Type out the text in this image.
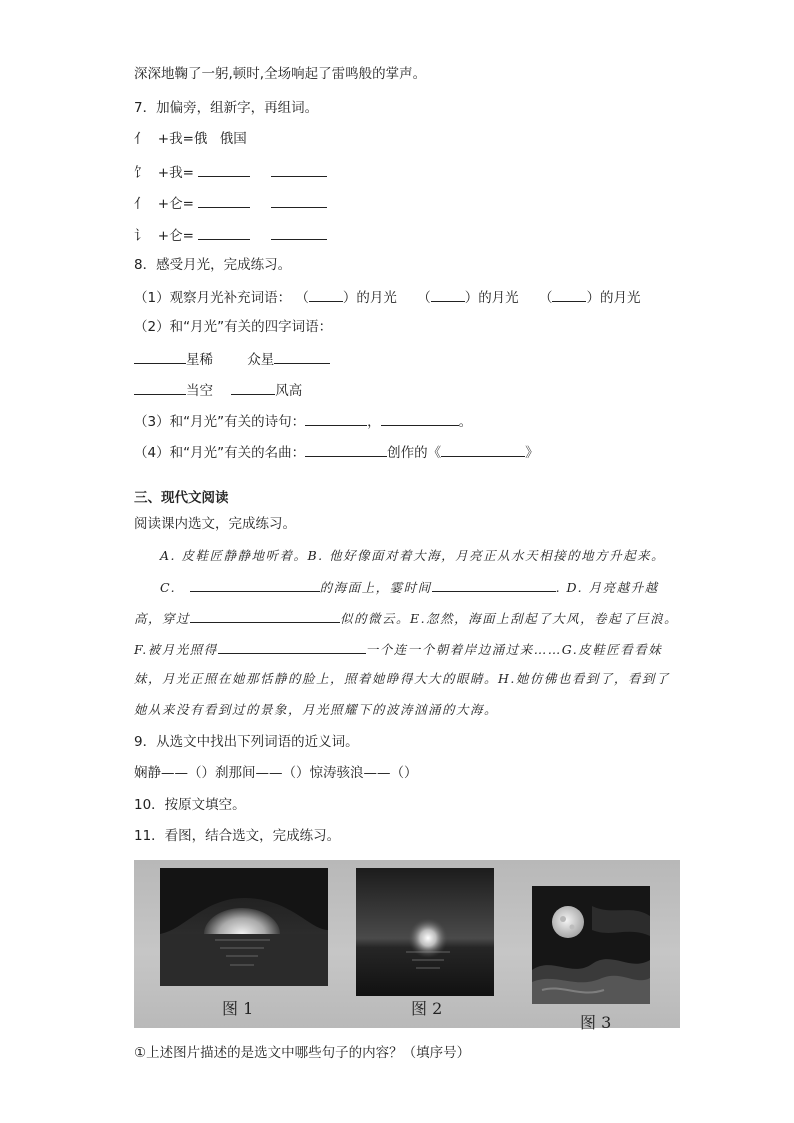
深深地鞠了一躬,顿时,全场响起了雷鸣般的掌声。
7．加偏旁，组新字，再组词。
亻 +我=俄 俄国
饣 +我=
亻 +仑=
讠 +仑=
8．感受月光，完成练习。
（1）观察月光补充词语： （	）的月光 （	）的月光 （	）的月光
（2）和“月光”有关的四字词语：
星稀	众星
当空	风高
（3）和“月光”有关的诗句：	，	。
（4）和“月光”有关的名曲：	创作的《	》
三、现代文阅读
阅读课内选文，完成练习。
A. 皮鞋匠静静地听着。B. 他好像面对着大海，月亮正从水天相接的地方升起来。
C.	的海面上，霎时间	. D. 月亮越升越
高，穿过	似的微云。E.忽然，海面上刮起了大风，卷起了巨浪。
F.被月光照得	一个连一个朝着岸边涌过来……G.皮鞋匠看看妹
妹，月光正照在她那恬静的脸上，照着她睁得大大的眼睛。H.她仿佛也看到了，看到了
她从来没有看到过的景象，月光照耀下的波涛汹涌的大海。
9．从选文中找出下列词语的近义词。
娴静——（）刹那间——（）惊涛骇浪——（）
10．按原文填空。
11．看图，结合选文，完成练习。
图 1	图 2
图 3
①上述图片描述的是选文中哪些句子的内容？（填序号）
